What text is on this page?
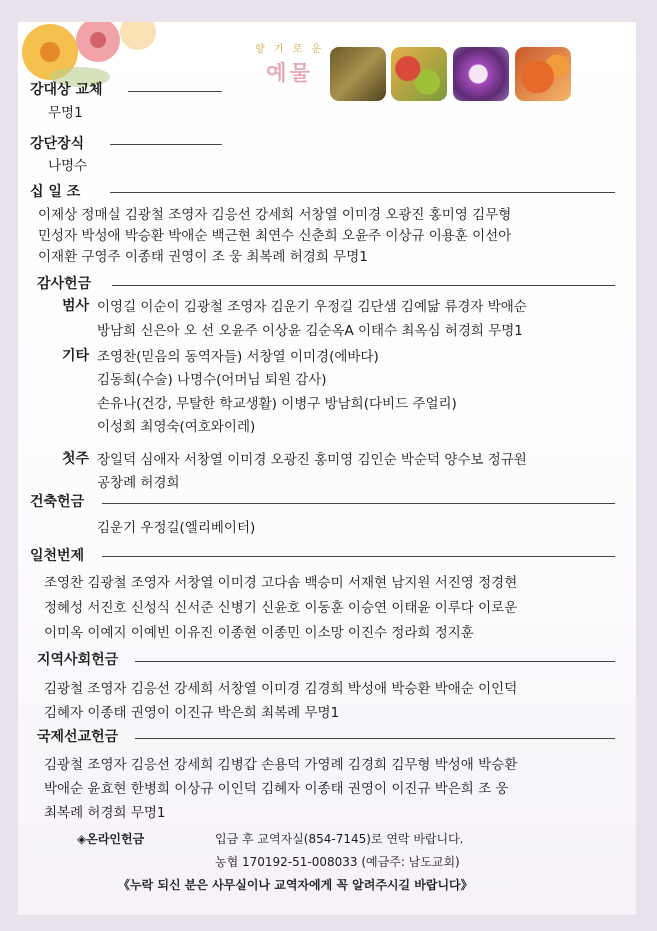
향 기 로 운
예물
강대상 교체
무명1
강단장식
나명수
십 일 조
이제상 정매실 김광철 조영자 김응선 강세희 서창열 이미경 오광진 홍미영 김무형
민성자 박성애 박승환 박애순 백근현 최연수 신춘희 오윤주 이상규 이용훈 이선아
이재환 구영주 이종태 권영이 조 웅 최복례 허경희 무명1
감사헌금
범사 이영길 이순이 김광철 조영자 김운기 우정길 김단샘 김예닮 류경자 박애순
방남희 신은아 오 선 오윤주 이상윤 김순옥A 이태수 최옥심 허경희 무명1
기타 조영찬(믿음의 동역자들) 서창열 이미경(에바다)
김동희(수술) 나명수(어머님 퇴원 감사)
손유나(건강, 무탈한 학교생활) 이병구 방남희(다비드 주얼리)
이성희 최영숙(여호와이레)
첫주 장일덕 심애자 서창열 이미경 오광진 홍미영 김인순 박순덕 양수보 정규원
공창례 허경희
건축헌금
김운기 우정길(엘리베이터)
일천번제
조영찬 김광철 조영자 서창열 이미경 고다솜 백승미 서재현 남지원 서진영 정경현
정혜성 서진호 신성식 신서준 신병기 신윤호 이동훈 이승연 이태윤 이루다 이로운
이미옥 이예지 이예빈 이유진 이종현 이종민 이소망 이진수 정라희 정지훈
지역사회헌금
김광철 조영자 김응선 강세희 서창열 이미경 김경희 박성애 박승환 박애순 이인덕
김혜자 이종태 권영이 이진규 박은희 최복례 무명1
국제선교헌금
김광철 조영자 김응선 강세희 김병갑 손용덕 가영례 김경희 김무형 박성애 박승환
박애순 윤효현 한병희 이상규 이인덕 김혜자 이종태 권영이 이진규 박은희 조 웅
최복례 허경희 무명1
◈온라인헌금	입금 후 교역자실(854-7145)로 연락 바랍니다.
농협 170192-51-008033 (예금주: 남도교회)
《누락 되신 분은 사무실이나 교역자에게 꼭 알려주시길 바랍니다》
